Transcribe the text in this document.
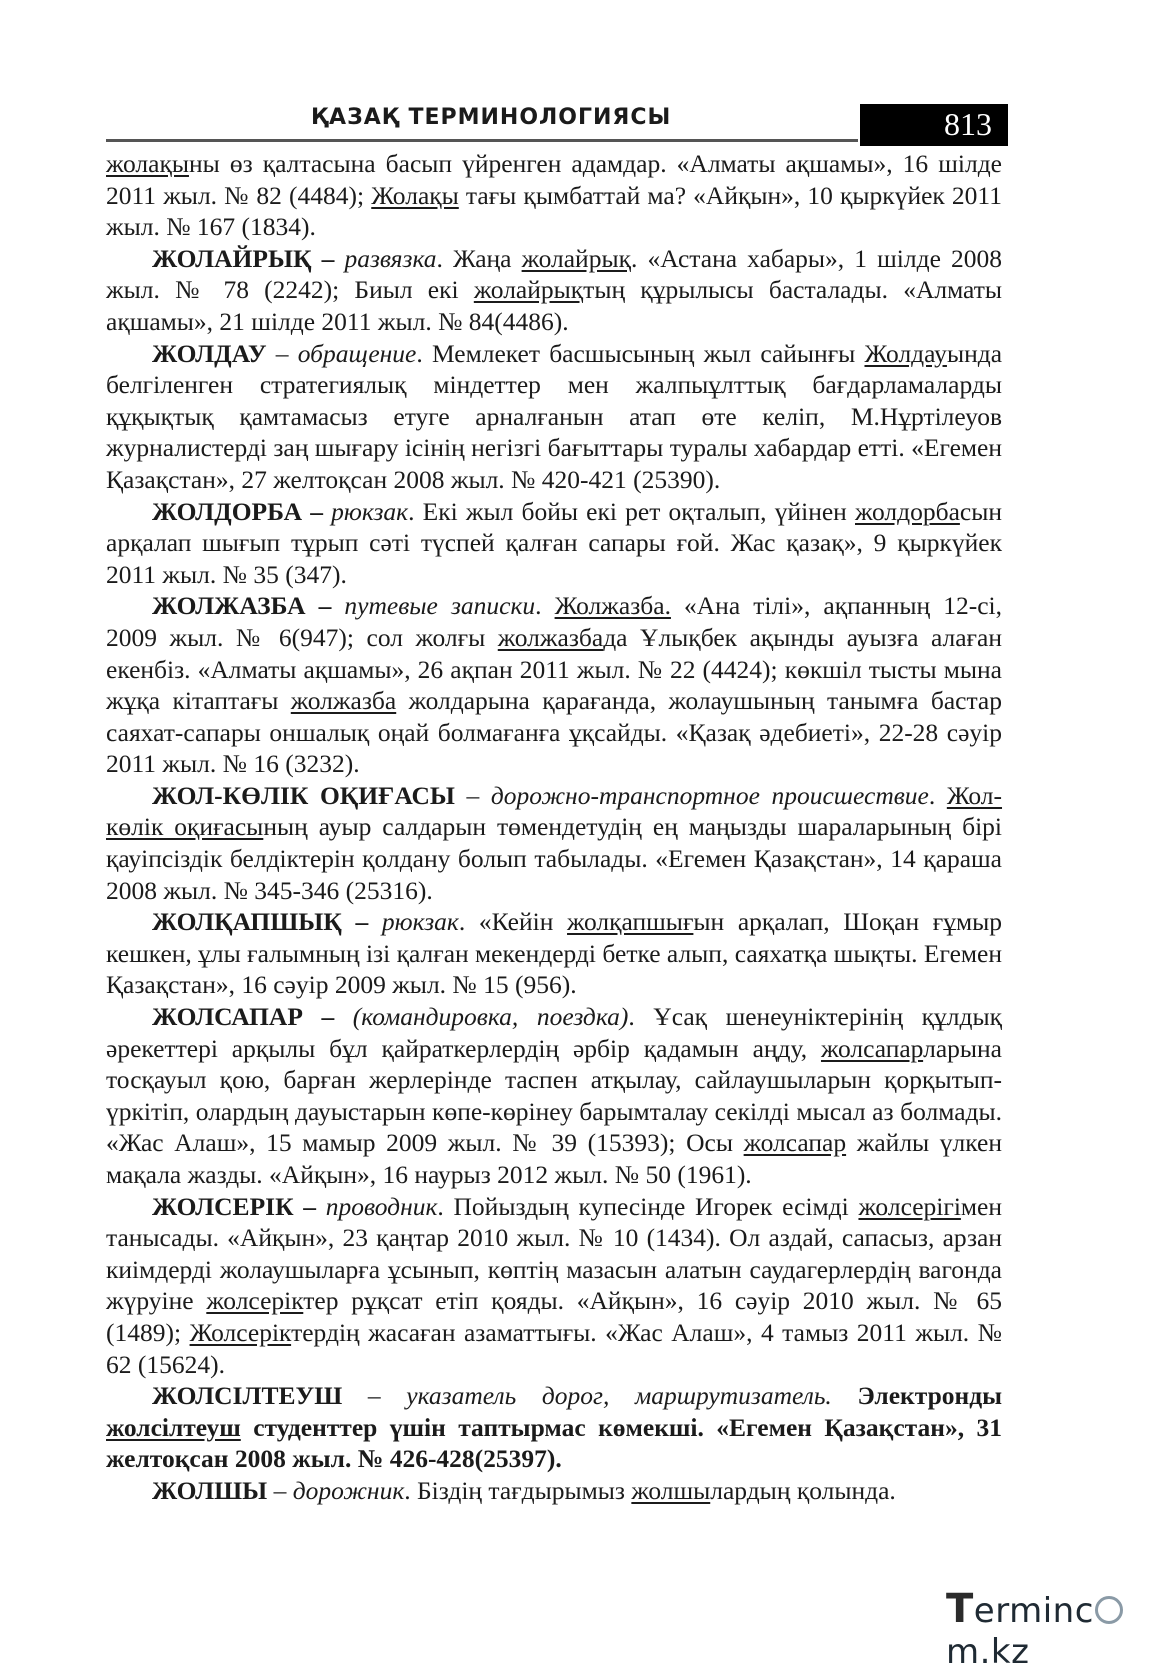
ҚАЗАҚ ТЕРМИНОЛОГИЯСЫ	813

жолақыны өз қалтасына басып үйренген адамдар. «Алматы ақшамы», 16 шілде 2011 жыл. № 82 (4484); Жолақы тағы қымбаттай ма? «Айқын», 10 қыркүйек 2011 жыл. № 167 (1834).

ЖОЛАЙРЫҚ – развязка. Жаңа жолайрық. «Астана хабары», 1 шілде 2008 жыл. № 78 (2242); Биыл екі жолайрықтың құрылысы басталады. «Алматы ақшамы», 21 шілде 2011 жыл. № 84(4486).

ЖОЛДАУ – обращение. Мемлекет басшысының жыл сайынғы Жолдауында белгіленген стратегиялық міндеттер мен жалпыұлттық бағдарламаларды құқықтық қамтамасыз етуге арналғанын атап өте келіп, М.Нұртілеуов журналистерді заң шығару ісінің негізгі бағыттары туралы хабардар етті. «Егемен Қазақстан», 27 желтоқсан 2008 жыл. № 420-421 (25390).

ЖОЛДОРБА – рюкзак. Екі жыл бойы екі рет оқталып, үйінен жолдорбасын арқалап шығып тұрып сәті түспей қалған сапары ғой. Жас қазақ», 9 қыркүйек 2011 жыл. № 35 (347).

ЖОЛЖАЗБА – путевые записки. Жолжазба. «Ана тілі», ақпанның 12-сі, 2009 жыл. № 6(947); сол жолғы жолжазбада Ұлықбек ақынды ауызға алаған екенбіз. «Алматы ақшамы», 26 ақпан 2011 жыл. № 22 (4424); көкшіл тысты мына жұқа кітаптағы жолжазба жолдарына қарағанда, жолаушының танымға бастар саяхат-сапары оншалық оңай болмағанға ұқсайды. «Қазақ әдебиеті», 22-28 сәуір 2011 жыл. № 16 (3232).

ЖОЛ-КӨЛІК ОҚИҒАСЫ – дорожно-транспортное происшествие. Жол-көлік оқиғасының ауыр салдарын төмендетудің ең маңызды шараларының бірі қауіпсіздік белдіктерін қолдану болып табылады. «Егемен Қазақстан», 14 қараша 2008 жыл. № 345-346 (25316).

ЖОЛҚАПШЫҚ – рюкзак. «Кейін жолқапшығын арқалап, Шоқан ғұмыр кешкен, ұлы ғалымның ізі қалған мекендерді бетке алып, саяхатқа шықты. Егемен Қазақстан», 16 сәуір 2009 жыл. № 15 (956).

ЖОЛСАПАР – (командировка, поездка). Ұсақ шенеуніктерінің құлдық әрекеттері арқылы бұл қайраткерлердің әрбір қадамын аңду, жолсапарларына тосқауыл қою, барған жерлерінде таспен атқылау, сайлаушыларын қорқытып-үркітіп, олардың дауыстарын көпе-көрінеу барымталау секілді мысал аз болмады. «Жас Алаш», 15 мамыр 2009 жыл. № 39 (15393); Осы жолсапар жайлы үлкен мақала жазды. «Айқын», 16 наурыз 2012 жыл. № 50 (1961).

ЖОЛСЕРІК – проводник. Пойыздың купесінде Игорек есімді жолсерігімен танысады. «Айқын», 23 қаңтар 2010 жыл. № 10 (1434). Ол аздай, сапасыз, арзан киімдерді жолаушыларға ұсынып, көптің мазасын алатын саудагерлердің вагонда жүруіне жолсеріктер рұқсат етіп қояды. «Айқын», 16 сәуір 2010 жыл. № 65 (1489); Жолсеріктердің жасаған азаматтығы. «Жас Алаш», 4 тамыз 2011 жыл. № 62 (15624).

ЖОЛСІЛТЕУШ – указатель дорог, маршрутизатель. Электронды жолсілтеуш студенттер үшін таптырмас көмекші. «Егемен Қазақстан», 31 желтоқсан 2008 жыл. № 426-428(25397).

ЖОЛШЫ – дорожник. Біздің тағдырымыз жолшылардың қолында.

Termincm.kz
